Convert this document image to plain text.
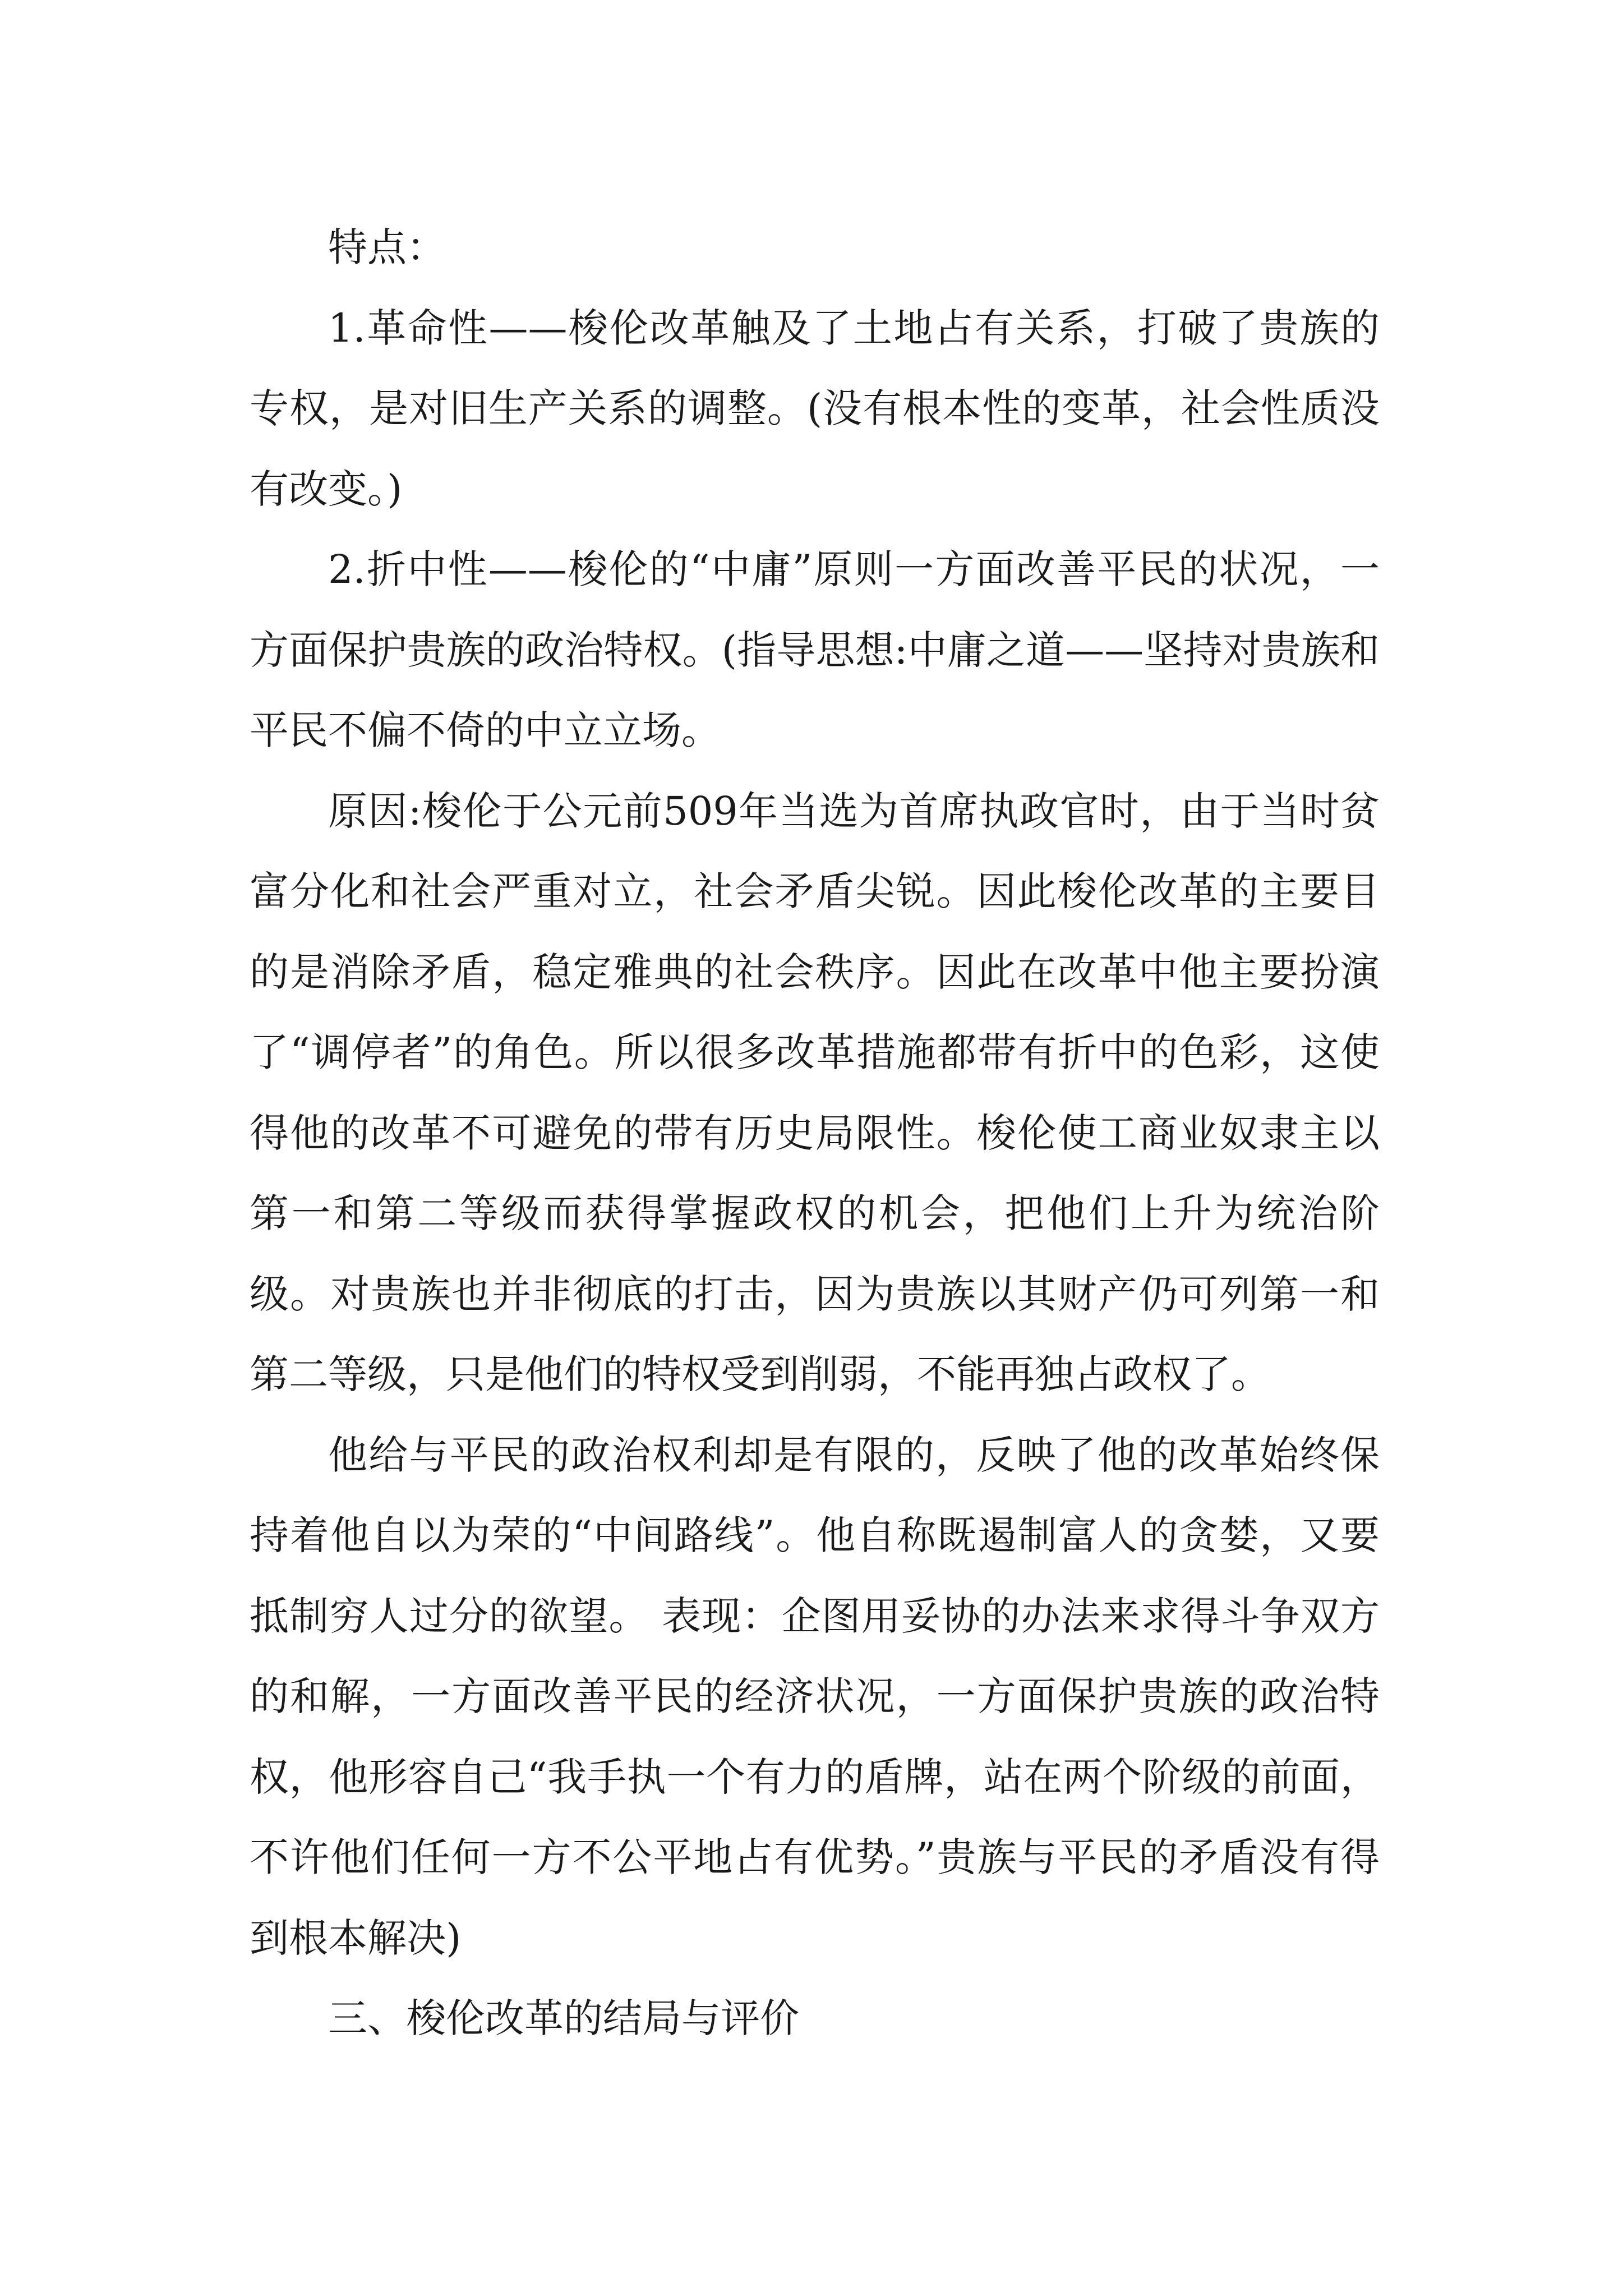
特点：

1.革命性——梭伦改革触及了土地占有关系，打破了贵族的专权，是对旧生产关系的调整。(没有根本性的变革，社会性质没有改变。)

2.折中性——梭伦的“中庸”原则一方面改善平民的状况，一方面保护贵族的政治特权。(指导思想:中庸之道——坚持对贵族和平民不偏不倚的中立立场。

原因:梭伦于公元前509年当选为首席执政官时，由于当时贫富分化和社会严重对立，社会矛盾尖锐。因此梭伦改革的主要目的是消除矛盾，稳定雅典的社会秩序。因此在改革中他主要扮演了“调停者”的角色。所以很多改革措施都带有折中的色彩，这使得他的改革不可避免的带有历史局限性。梭伦使工商业奴隶主以第一和第二等级而获得掌握政权的机会，把他们上升为统治阶级。对贵族也并非彻底的打击，因为贵族以其财产仍可列第一和第二等级，只是他们的特权受到削弱，不能再独占政权了。

他给与平民的政治权利却是有限的，反映了他的改革始终保持着他自以为荣的“中间路线”。他自称既遏制富人的贪婪，又要抵制穷人过分的欲望。 表现：企图用妥协的办法来求得斗争双方的和解，一方面改善平民的经济状况，一方面保护贵族的政治特权，他形容自己“我手执一个有力的盾牌，站在两个阶级的前面，不许他们任何一方不公平地占有优势。”贵族与平民的矛盾没有得到根本解决)

三、梭伦改革的结局与评价
